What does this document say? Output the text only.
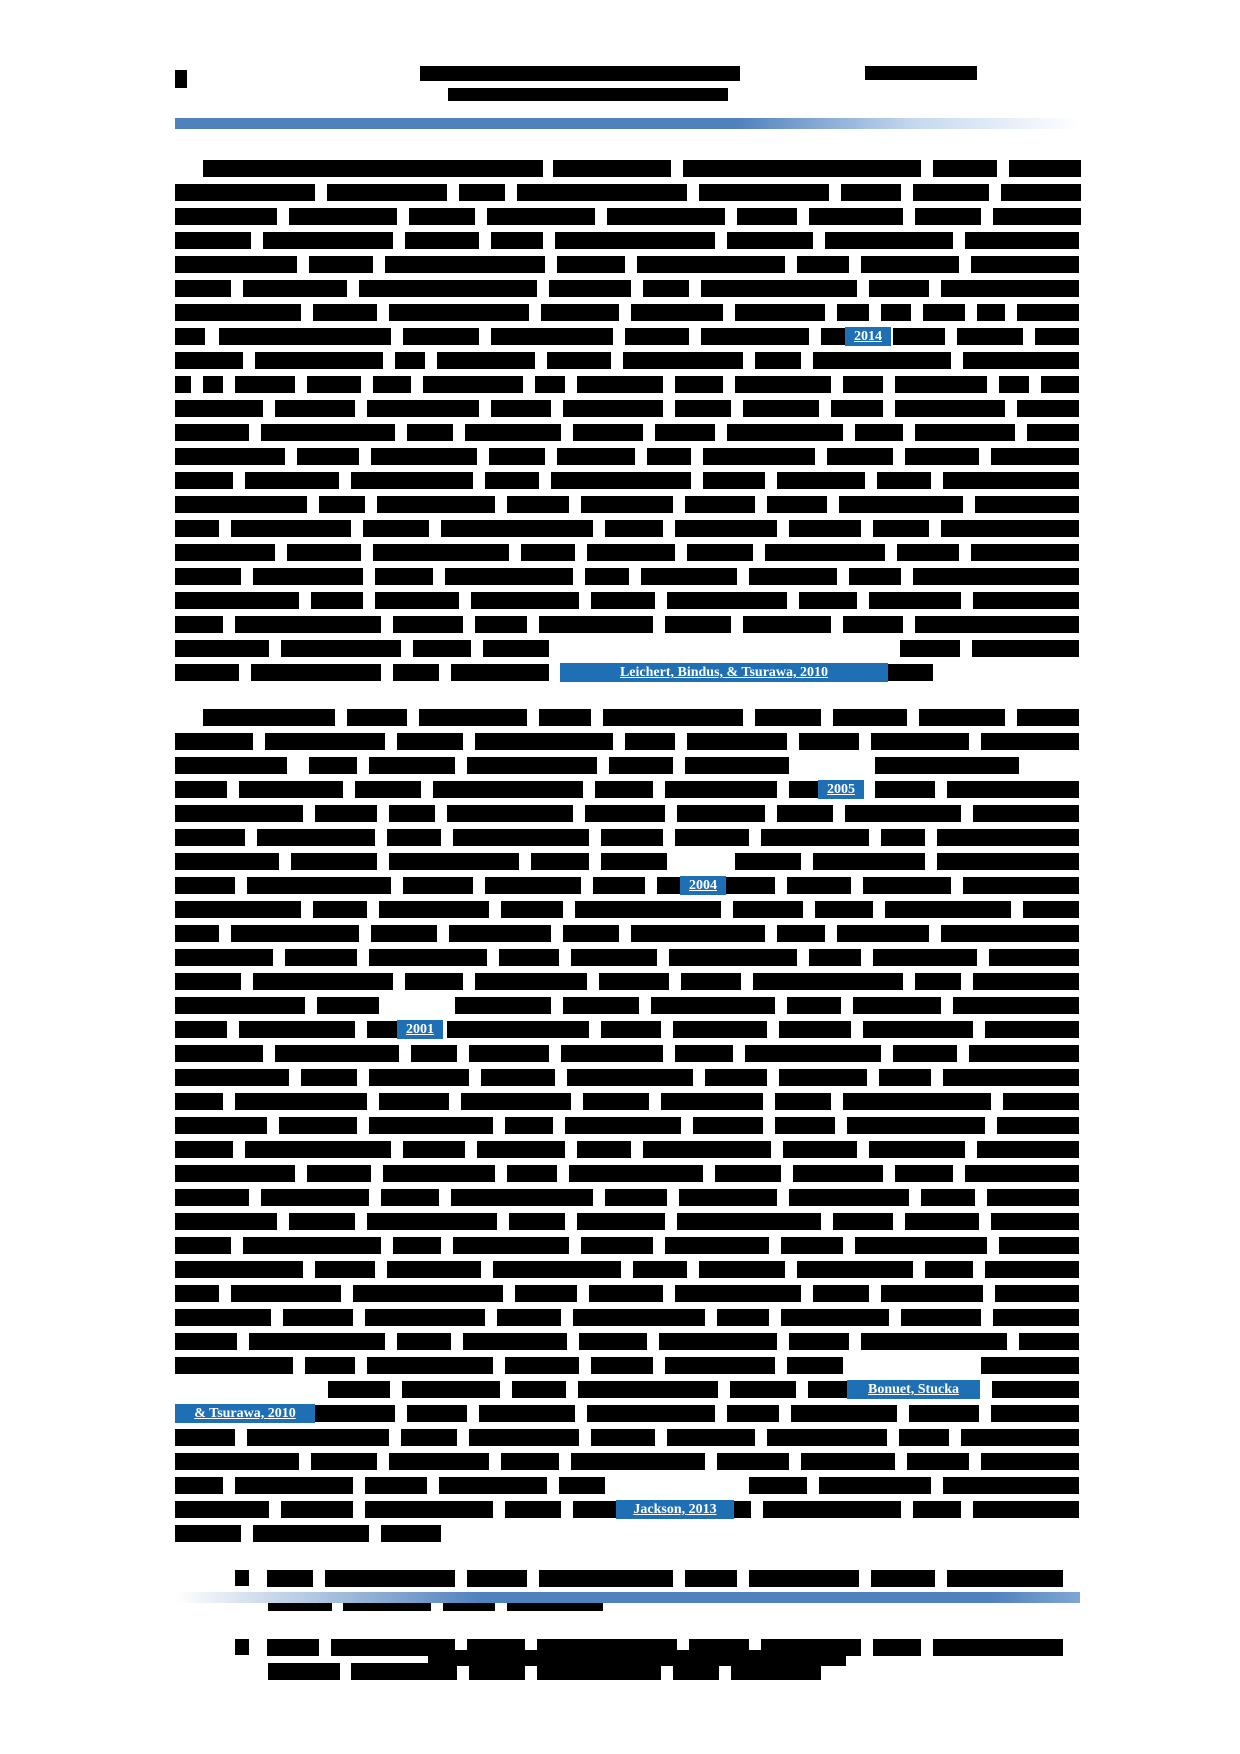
2014
Leichert, Bindus, & Tsurawa, 2010
2005
2004
2001
Bonuet, Stucka
& Tsurawa, 2010
Jackson, 2013
